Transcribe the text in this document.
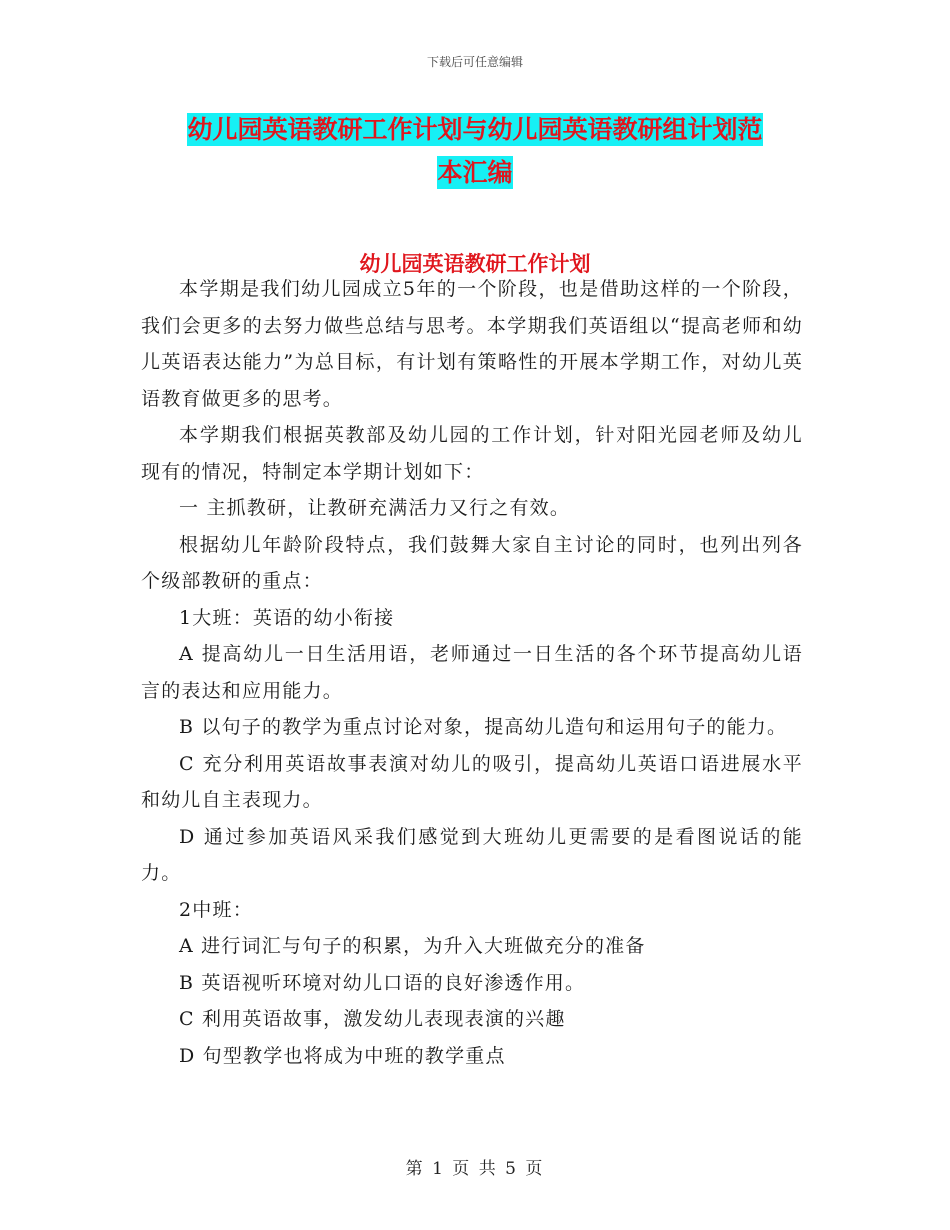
下载后可任意编辑
幼儿园英语教研工作计划与幼儿园英语教研组计划范
本汇编
幼儿园英语教研工作计划

本学期是我们幼儿园成立5年的一个阶段，也是借助这样的一个阶段，我们会更多的去努力做些总结与思考。本学期我们英语组以“提高老师和幼儿英语表达能力”为总目标，有计划有策略性的开展本学期工作，对幼儿英语教育做更多的思考。

本学期我们根据英教部及幼儿园的工作计划，针对阳光园老师及幼儿现有的情况，特制定本学期计划如下：

一 主抓教研，让教研充满活力又行之有效。

根据幼儿年龄阶段特点，我们鼓舞大家自主讨论的同时，也列出列各个级部教研的重点：

1大班：英语的幼小衔接

A 提高幼儿一日生活用语，老师通过一日生活的各个环节提高幼儿语言的表达和应用能力。

B 以句子的教学为重点讨论对象，提高幼儿造句和运用句子的能力。

C 充分利用英语故事表演对幼儿的吸引，提高幼儿英语口语进展水平和幼儿自主表现力。

D 通过参加英语风采我们感觉到大班幼儿更需要的是看图说话的能力。

2中班：

A 进行词汇与句子的积累，为升入大班做充分的准备

B 英语视听环境对幼儿口语的良好渗透作用。

C 利用英语故事，激发幼儿表现表演的兴趣

D 句型教学也将成为中班的教学重点

第 1 页 共 5 页
